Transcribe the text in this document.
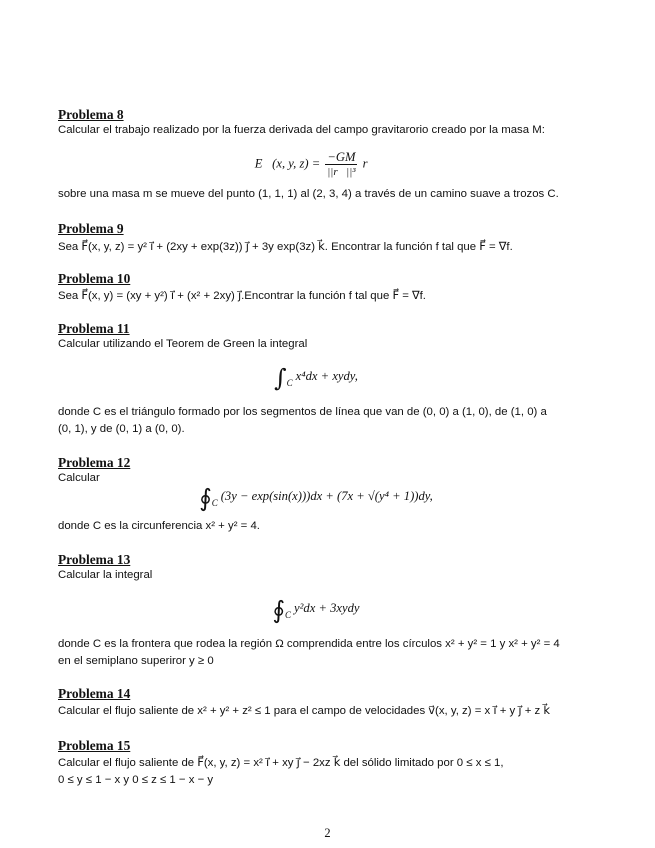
Problema 8
Calcular el trabajo realizado por la fuerza derivada del campo gravitarorio creado por la masa M:
E⃗(x, y, $z) = \frac{-GM}{\text{||r⃗||³}}$ r⃗
sobre una masa m se mueve del punto (1, 1, 1) al (2, 3, 4) a través de un camino suave a trozos C.
Problema 9
Sea F⃗(x, y, z) = y² i⃗ + (2xy + exp(3z)) j⃗ + 3y exp(3z) k⃗. Encontrar la función f tal que F⃗ = ∇f.
Problema 10
Sea F⃗(x, y) = (xy + y²) i⃗ + (x² + 2xy) j⃗.Encontrar la función f tal que F⃗ = ∇f.
Problema 11
Calcular utilizando el Teorem de Green la integral
$\int_C$ x⁴dx + xydy,
donde C es el triángulo formado por los segmentos de línea que van de (0, 0) a (1, 0), de (1, 0) a
(0, 1), y de (0, 1) a (0, 0).
Problema 12
Calcular
$∮_C$ (3y − exp(sin(x)))dx + (7x + √(y⁴ + 1))dy,
donde C es la circunferencia x² + y² = 4.
Problema 13
Calcular la integral
$∮_C$ y²dx + 3xydy
donde C es la frontera que rodea la región Ω comprendida entre los círculos x² + y² = 1 y x² + y² = 4
en el semiplano superiror y ≥ 0
Problema 14
Calcular el flujo saliente de x² + y² + z² ≤ 1 para el campo de velocidades v⃗(x, y, z) = x i⃗ + y j⃗ + z k⃗
Problema 15
Calcular el flujo saliente de F⃗(x, y, z) = x² i⃗ + xy j⃗ − 2xz k⃗ del sólido limitado por 0 ≤ x ≤ 1,
0 ≤ y ≤ 1 − x y 0 ≤ z ≤ 1 − x − y
2
